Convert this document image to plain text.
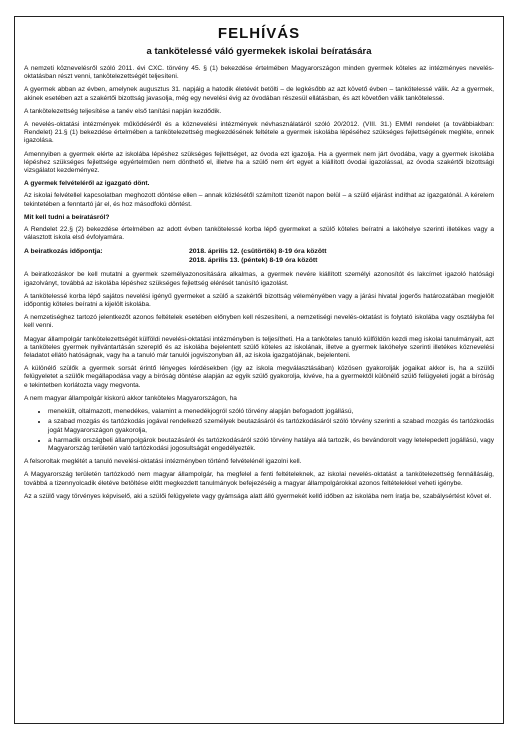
FELHÍVÁS
a tankötelessé váló gyermekek iskolai beíratására

A nemzeti köznevelésről szóló 2011. évi CXC. törvény 45. § (1) bekezdése értelmében Magyarországon minden gyermek köteles az intézményes nevelés-oktatásban részt venni, tankötelezettségét teljesíteni.

A gyermek abban az évben, amelynek augusztus 31. napjáig a hatodik életévét betölti – de legkésőbb az azt követő évben – tankötelessé válik. Az a gyermek, akinek esetében azt a szakértői bizottság javasolja, még egy nevelési évig az óvodában részesül ellátásban, és azt követően válik tankötelessé.

A tankötelezettség teljesítése a tanév első tanítási napján kezdődik.

A nevelés-oktatási intézmények működéséről és a köznevelési intézmények névhasználatáról szóló 20/2012. (VIII. 31.) EMMI rendelet (a továbbiakban: Rendelet) 21.§ (1) bekezdése értelmében a tankötelezettség megkezdésének feltétele a gyermek iskolába lépéséhez szükséges fejlettségének megléte, ennek igazolása.

Amennyiben a gyermek elérte az iskolába lépéshez szükséges fejlettséget, az óvoda ezt igazolja. Ha a gyermek nem járt óvodába, vagy a gyermek iskolába lépéshez szükséges fejlettsége egyértelműen nem dönthető el, illetve ha a szülő nem ért egyet a kiállított óvodai igazolással, az óvoda szakértői bizottsági vizsgálatot kezdeményez.

A gyermek felvételéről az igazgató dönt.

Az iskolai felvétellel kapcsolatban meghozott döntése ellen – annak közlésétől számított tizenöt napon belül – a szülő eljárást indíthat az igazgatónál. A kérelem tekintetében a fenntartó jár el, és hoz másodfokú döntést.

Mit kell tudni a beíratásról?

A Rendelet 22.§ (2) bekezdése értelmében az adott évben tankötelessé korba lépő gyermeket a szülő köteles beíratni a lakóhelye szerinti illetékes vagy a választott iskola első évfolyamára.

A beiratkozás időpontja:	2018. április 12. (csütörtök) 8-19 óra között
2018. április 13. (péntek) 8-19 óra között

A beiratkozáskor be kell mutatni a gyermek személyazonosítására alkalmas, a gyermek nevére kiállított személyi azonosítót és lakcímet igazoló hatósági igazolványt, továbbá az iskolába lépéshez szükséges fejlettség elérését tanúsító igazolást.

A tankötelessé korba lépő sajátos nevelési igényű gyermeket a szülő a szakértői bizottság véleményében vagy a járási hivatal jogerős határozatában megjelölt időpontig köteles beíratni a kijelölt iskolába.

A nemzetiséghez tartozó jelentkezőt azonos feltételek esetében előnyben kell részesíteni, a nemzetiségi nevelés-oktatást is folytató iskolába vagy osztályba fel kell venni.

Magyar állampolgár tankötelezettségét külföldi nevelési-oktatási intézményben is teljesítheti. Ha a tanköteles tanuló külföldön kezdi meg iskolai tanulmányait, azt a tanköteles gyermek nyilvántartásán szereplő és az iskolába bejelentett szülő köteles az iskolának, illetve a gyermek lakóhelye szerinti illetékes köznevelési feladatot ellátó hatóságnak, vagy ha a tanuló már tanulói jogviszonyban áll, az iskola igazgatójának, bejelenteni.

A különélő szülők a gyermek sorsát érintő lényeges kérdésekben (így az iskola megválasztásában) közösen gyakorolják jogaikat akkor is, ha a szülői felügyeletet a szülők megállapodása vagy a bíróság döntése alapján az egyik szülő gyakorolja, kivéve, ha a gyermektől különélő szülő felügyeleti jogát a bíróság e tekintetben korlátozta vagy megvonta.

A nem magyar állampolgár kiskorú akkor tanköteles Magyarországon, ha

• menekült, oltalmazott, menedékes, valamint a menedékjogról szóló törvény alapján befogadott jogállású,
• a szabad mozgás és tartózkodás jogával rendelkező személyek beutazásáról és tartózkodásáról szóló törvény szerinti a szabad mozgás és tartózkodás jogát Magyarországon gyakorolja,
• a harmadik országbeli állampolgárok beutazásáról és tartózkodásáról szóló törvény hatálya alá tartozik, és bevándorolt vagy letelepedett jogállású, vagy Magyarország területén való tartózkodási jogosultságát engedélyezték.

A felsoroltak meglétét a tanuló nevelési-oktatási intézményben történő felvételénél igazolni kell.

A Magyarország területén tartózkodó nem magyar állampolgár, ha megfelel a fenti feltételeknek, az iskolai nevelés-oktatást a tankötelezettség fennállásáig, továbbá a tizennyolcadik életéve betöltése előtt megkezdett tanulmányok befejezéséig a magyar állampolgárokkal azonos feltételekkel veheti igénybe.

Az a szülő vagy törvényes képviselő, aki a szülői felügyelete vagy gyámsága alatt álló gyermekét kellő időben az iskolába nem íratja be, szabálysértést követ el.
